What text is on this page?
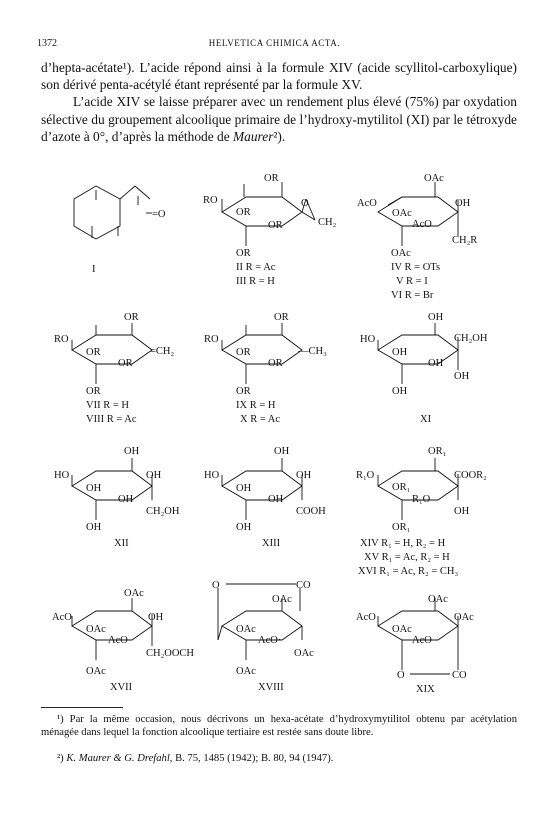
1372	HELVETICA CHIMICA ACTA.

d’hepta-acétate¹). L’acide répond ainsi à la formule XIV (acide scyllitol-carboxylique) son dérivé penta-acétylé étant représenté par la formule XV.

L’acide XIV se laisse préparer avec un rendement plus élevé (75%) par oxydation sélective du groupement alcoolique primaire de l’hydroxy-mytilitol (XI) par le tétroxyde d’azote à 0°, d’après la méthode de Maurer²).

=O
I
OR
RO
OR
OR
O
CH₂
OR
II R = Ac
III R = H
OAc
AcO	OH
OAc
AcO
CH₂R
OAc
IV R = OTs
V R = I
VI R = Br
OR
RO
OR
OR
=CH₂
OR
VII R = H
VIII R = Ac
OR
RO
OR
OR
—CH₃
OR
IX R = H
X R = Ac
OH
HO
OH
OH
CH₂OH
OH
OH
XI
OH
HO	OH
OH
OH
CH₂OH
OH
XII
OH
HO	OH
OH
OH
COOH
OH
XIII
OR₁
R₁O	COOR₂
OR₁
R₁O
OH
OR₁
XIV R₁ = H, R₂ = H
XV R₁ = Ac, R₂ = H
XVI R₁ = Ac, R₂ = CH₃
OAc
AcO	OH
OAc
AcO
CH₂OOCH
OAc
XVII
O	CO
OAc
OAc
AcO·
OAc
OAc
XVIII
OAc
AcO	OAc
OAc
AcO
O	CO
XIX
¹) Par la même occasion, nous décrivons un hexa-acétate d’hydroxymytilitol obtenu par acétylation ménagée dans lequel la fonction alcoolique tertiaire est restée sans doute libre.
²) K. Maurer & G. Drefahl, B. 75, 1485 (1942); B. 80, 94 (1947).
